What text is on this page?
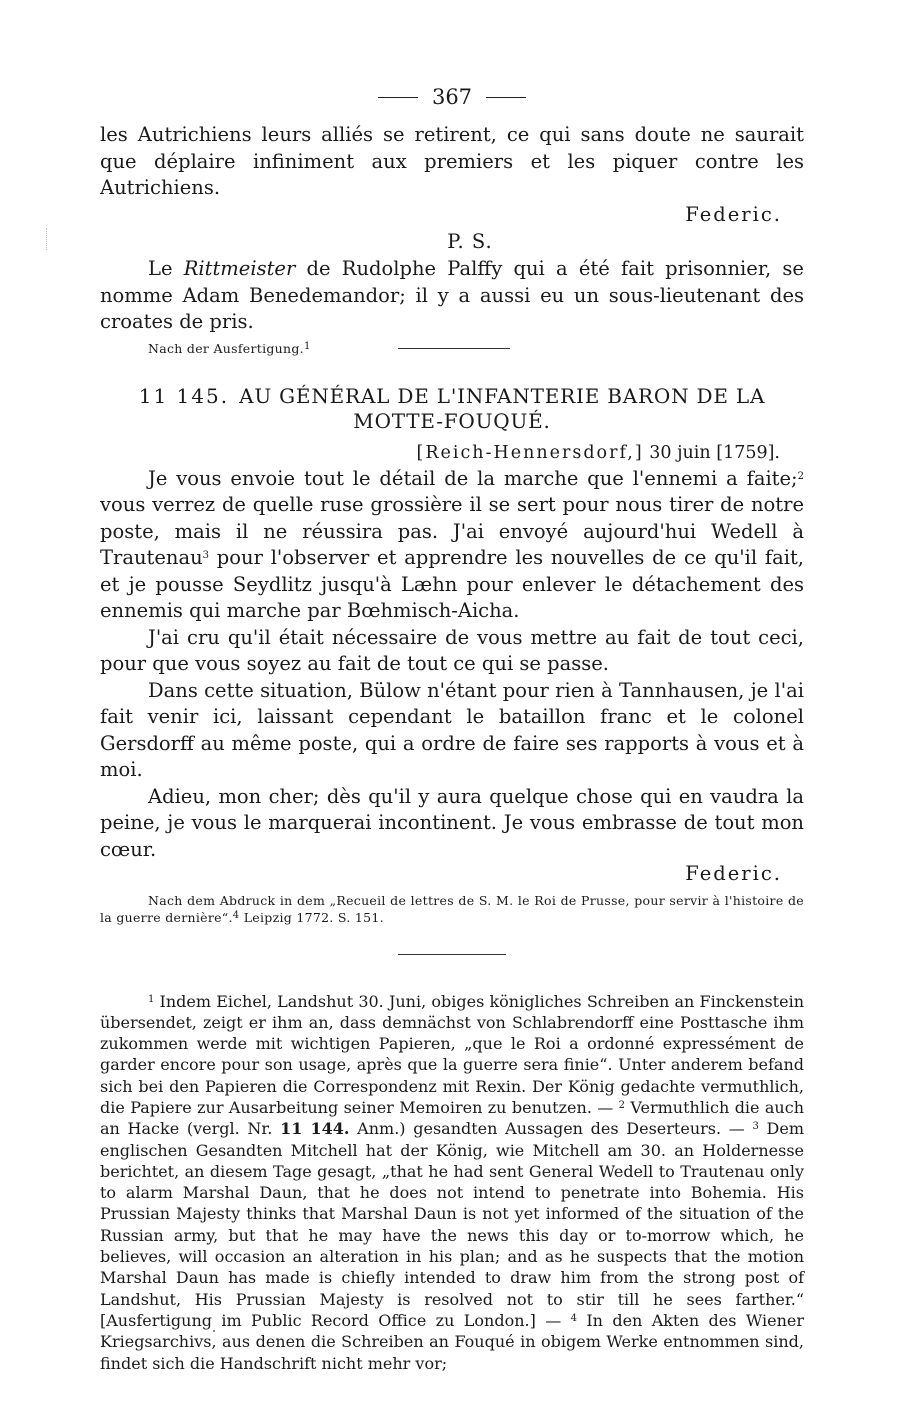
367

les Autrichiens leurs alliés se retirent, ce qui sans doute ne saurait que déplaire infiniment aux premiers et les piquer contre les Autrichiens.

Federic.
P. S.

Le Rittmeister de Rudolphe Palffy qui a été fait prisonnier, se nomme Adam Benedemandor; il y a aussi eu un sous-lieutenant des croates de pris.

Nach der Ausfertigung.$^1$
11 145. AU GÉNÉRAL DE L'INFANTERIE BARON DE LA
MOTTE-FOUQUÉ.
[Reich-Hennersdorf,] 30 juin [1759].

Je vous envoie tout le détail de la marche que l'ennemi a faite;$^2$ vous verrez de quelle ruse grossière il se sert pour nous tirer de notre poste, mais il ne réussira pas. J'ai envoyé aujourd'hui Wedell à Trautenau$^3$ pour l'observer et apprendre les nouvelles de ce qu'il fait, et je pousse Seydlitz jusqu'à Læhn pour enlever le détachement des ennemis qui marche par Bœhmisch-Aicha.

J'ai cru qu'il était nécessaire de vous mettre au fait de tout ceci, pour que vous soyez au fait de tout ce qui se passe.

Dans cette situation, Bülow n'étant pour rien à Tannhausen, je l'ai fait venir ici, laissant cependant le bataillon franc et le colonel Gersdorff au même poste, qui a ordre de faire ses rapports à vous et à moi.

Adieu, mon cher; dès qu'il y aura quelque chose qui en vaudra la peine, je vous le marquerai incontinent. Je vous embrasse de tout mon cœur.

Federic.

Nach dem Abdruck in dem „Recueil de lettres de S. M. le Roi de Prusse, pour servir à l'histoire de la guerre dernière“.$^4$ Leipzig 1772. S. 151.

$^1$ Indem Eichel, Landshut 30. Juni, obiges königliches Schreiben an Finckenstein übersendet, zeigt er ihm an, dass demnächst von Schlabrendorff eine Posttasche ihm zukommen werde mit wichtigen Papieren, „que le Roi a ordonné expressément de garder encore pour son usage, après que la guerre sera finie“. Unter anderem befand sich bei den Papieren die Correspondenz mit Rexin. Der König gedachte vermuthlich, die Papiere zur Ausarbeitung seiner Memoiren zu benutzen. — $^2$ Vermuthlich die auch an Hacke (vergl. Nr. 11 144. Anm.) gesandten Aussagen des Deserteurs. — $^3$ Dem englischen Gesandten Mitchell hat der König, wie Mitchell am 30. an Holdernesse berichtet, an diesem Tage gesagt, „that he had sent General Wedell to Trautenau only to alarm Marshal Daun, that he does not intend to penetrate into Bohemia. His Prussian Majesty thinks that Marshal Daun is not yet informed of the situation of the Russian army, but that he may have the news this day or to-morrow which, he believes, will occasion an alteration in his plan; and as he suspects that the motion Marshal Daun has made is chiefly intended to draw him from the strong post of Landshut, His Prussian Majesty is resolved not to stir till he sees farther.“ [Ausfertigung im Public Record Office zu London.] — $^4$ In den Akten des Wiener Kriegsarchivs, aus denen die Schreiben an Fouqué in obigem Werke entnommen sind, findet sich die Handschrift nicht mehr vor;
